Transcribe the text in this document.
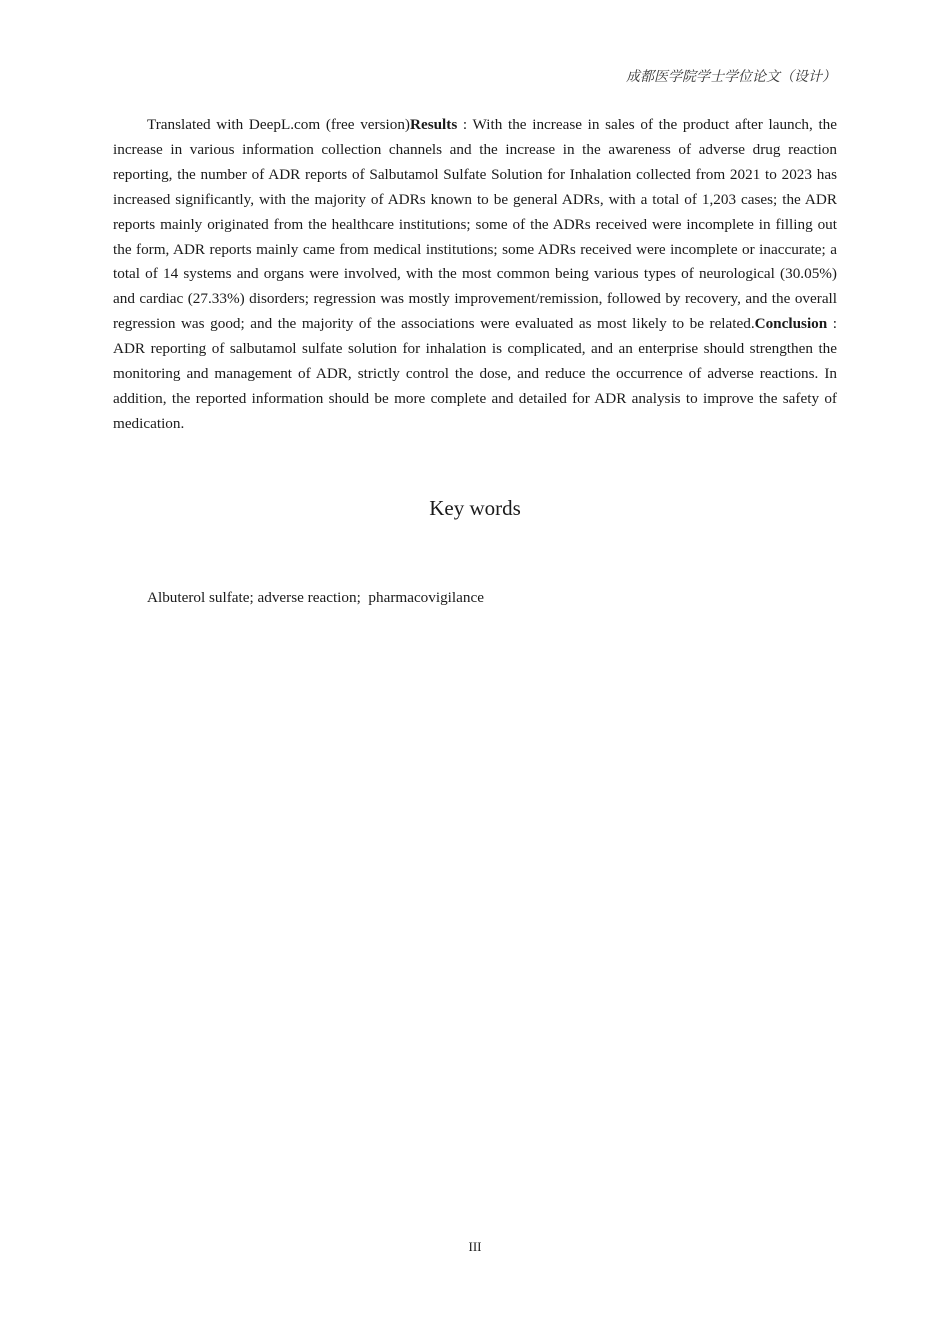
成都医学院学士学位论文（设计）

Translated with DeepL.com (free version)Results : With the increase in sales of the product after launch, the increase in various information collection channels and the increase in the awareness of adverse drug reaction reporting, the number of ADR reports of Salbutamol Sulfate Solution for Inhalation collected from 2021 to 2023 has increased significantly, with the majority of ADRs known to be general ADRs, with a total of 1,203 cases; the ADR reports mainly originated from the healthcare institutions; some of the ADRs received were incomplete in filling out the form, ADR reports mainly came from medical institutions; some ADRs received were incomplete or inaccurate; a total of 14 systems and organs were involved, with the most common being various types of neurological (30.05%) and cardiac (27.33%) disorders; regression was mostly improvement/remission, followed by recovery, and the overall regression was good; and the majority of the associations were evaluated as most likely to be related.Conclusion : ADR reporting of salbutamol sulfate solution for inhalation is complicated, and an enterprise should strengthen the monitoring and management of ADR, strictly control the dose, and reduce the occurrence of adverse reactions. In addition, the reported information should be more complete and detailed for ADR analysis to improve the safety of medication.

Key words

Albuterol sulfate; adverse reaction;  pharmacovigilance

III
